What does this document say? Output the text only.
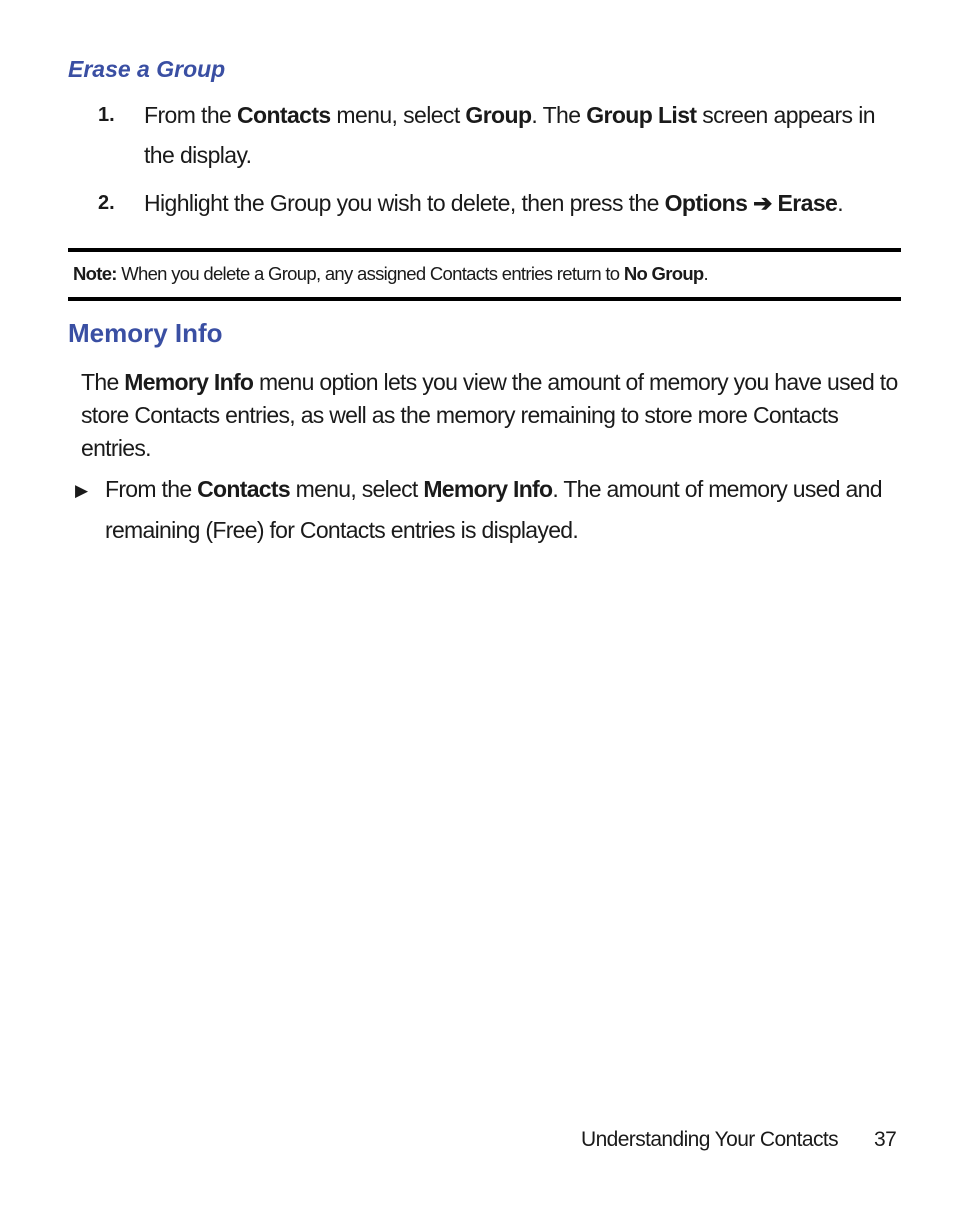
Erase a Group
1. From the Contacts menu, select Group. The Group List screen appears in the display.
2. Highlight the Group you wish to delete, then press the Options ➔ Erase.
Note: When you delete a Group, any assigned Contacts entries return to No Group.
Memory Info
The Memory Info menu option lets you view the amount of memory you have used to store Contacts entries, as well as the memory remaining to store more Contacts entries.
▶ From the Contacts menu, select Memory Info. The amount of memory used and remaining (Free) for Contacts entries is displayed.
Understanding Your Contacts 37
